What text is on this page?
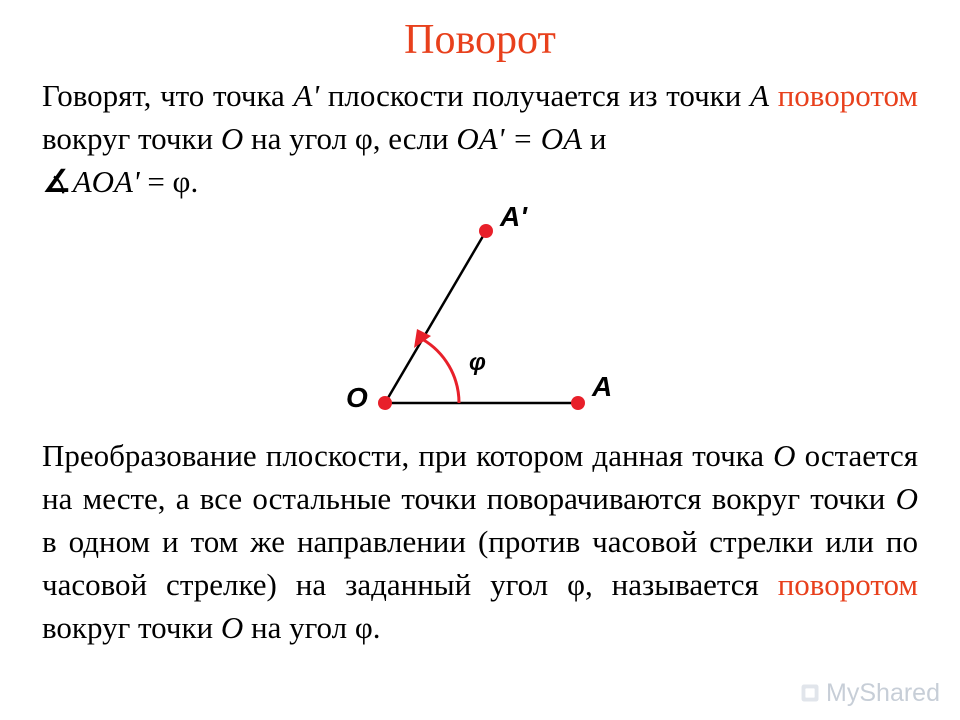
Поворот
Говорят, что точка A' плоскости получается из точки A поворотом вокруг точки O на угол φ, если OA' = OA и
∡AOA' = φ.
A'
A
O
φ
Преобразование плоскости, при котором данная точка O остается на месте, а все остальные точки поворачиваются вокруг точки O в одном и том же направлении (против часовой стрелки или по часовой стрелке) на заданный угол φ, называется поворотом вокруг точки O на угол φ.
MyShared
